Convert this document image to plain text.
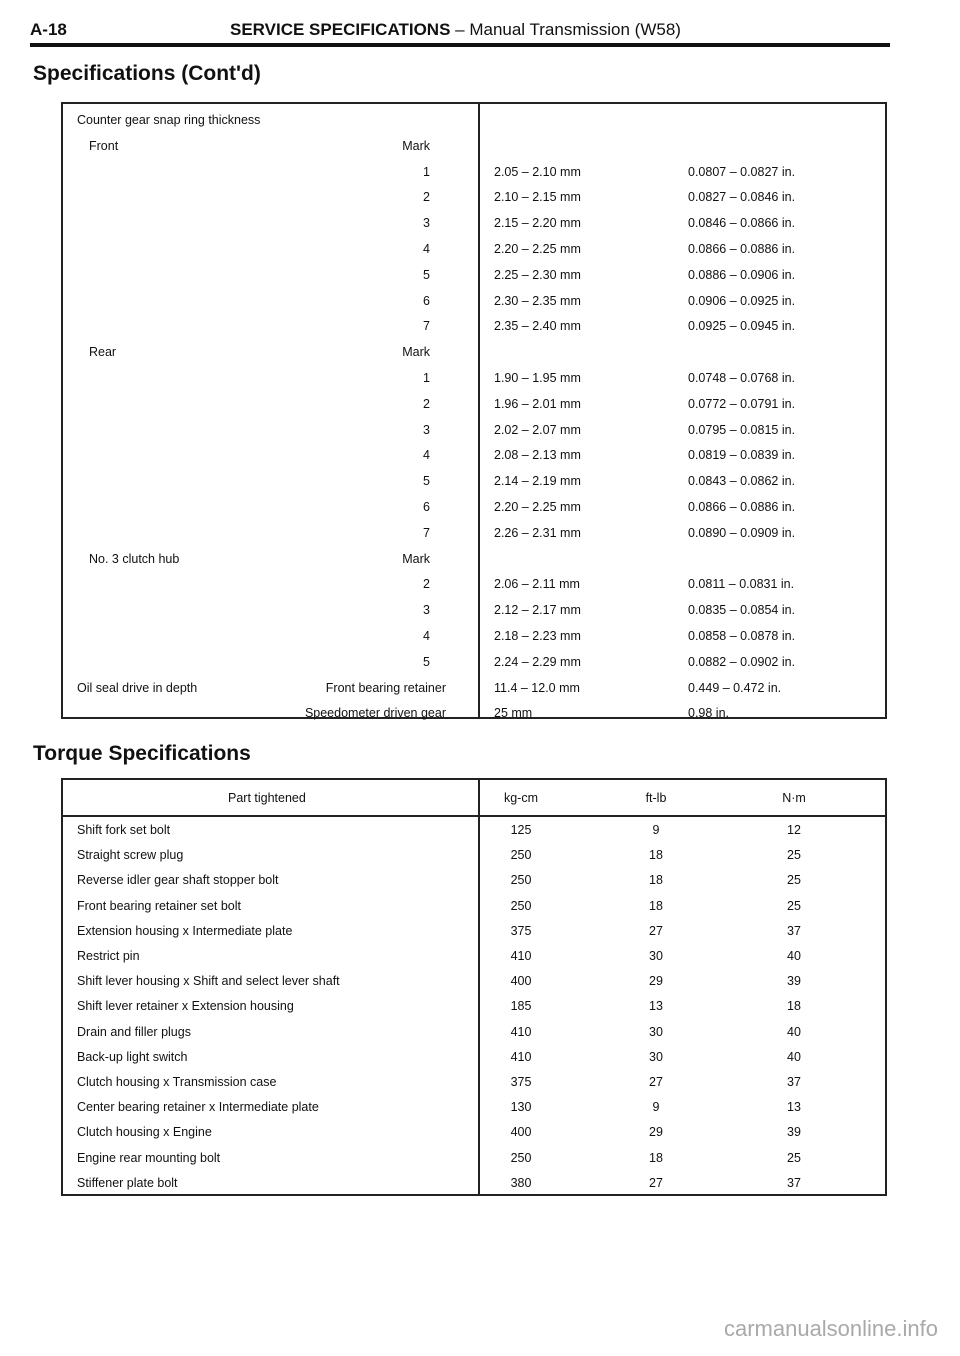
A-18	SERVICE SPECIFICATIONS – Manual Transmission (W58)
Specifications (Cont'd)
Counter gear snap ring thickness
Front	Mark
1	2.05 – 2.10 mm	0.0807 – 0.0827 in.
2	2.10 – 2.15 mm	0.0827 – 0.0846 in.
3	2.15 – 2.20 mm	0.0846 – 0.0866 in.
4	2.20 – 2.25 mm	0.0866 – 0.0886 in.
5	2.25 – 2.30 mm	0.0886 – 0.0906 in.
6	2.30 – 2.35 mm	0.0906 – 0.0925 in.
7	2.35 – 2.40 mm	0.0925 – 0.0945 in.
Rear	Mark
1	1.90 – 1.95 mm	0.0748 – 0.0768 in.
2	1.96 – 2.01 mm	0.0772 – 0.0791 in.
3	2.02 – 2.07 mm	0.0795 – 0.0815 in.
4	2.08 – 2.13 mm	0.0819 – 0.0839 in.
5	2.14 – 2.19 mm	0.0843 – 0.0862 in.
6	2.20 – 2.25 mm	0.0866 – 0.0886 in.
7	2.26 – 2.31 mm	0.0890 – 0.0909 in.
No. 3 clutch hub	Mark
2	2.06 – 2.11 mm	0.0811 – 0.0831 in.
3	2.12 – 2.17 mm	0.0835 – 0.0854 in.
4	2.18 – 2.23 mm	0.0858 – 0.0878 in.
5	2.24 – 2.29 mm	0.0882 – 0.0902 in.
Oil seal drive in depth	Front bearing retainer	11.4 – 12.0 mm	0.449 – 0.472 in.
Speedometer driven gear	25 mm	0.98 in.
Torque Specifications
Part tightened	kg-cm	ft-lb	N·m
Shift fork set bolt	125	9	12
Straight screw plug	250	18	25
Reverse idler gear shaft stopper bolt	250	18	25
Front bearing retainer set bolt	250	18	25
Extension housing x Intermediate plate	375	27	37
Restrict pin	410	30	40
Shift lever housing x Shift and select lever shaft	400	29	39
Shift lever retainer x Extension housing	185	13	18
Drain and filler plugs	410	30	40
Back-up light switch	410	30	40
Clutch housing x Transmission case	375	27	37
Center bearing retainer x Intermediate plate	130	9	13
Clutch housing x Engine	400	29	39
Engine rear mounting bolt	250	18	25
Stiffener plate bolt	380	27	37
carmanualsonline.info
